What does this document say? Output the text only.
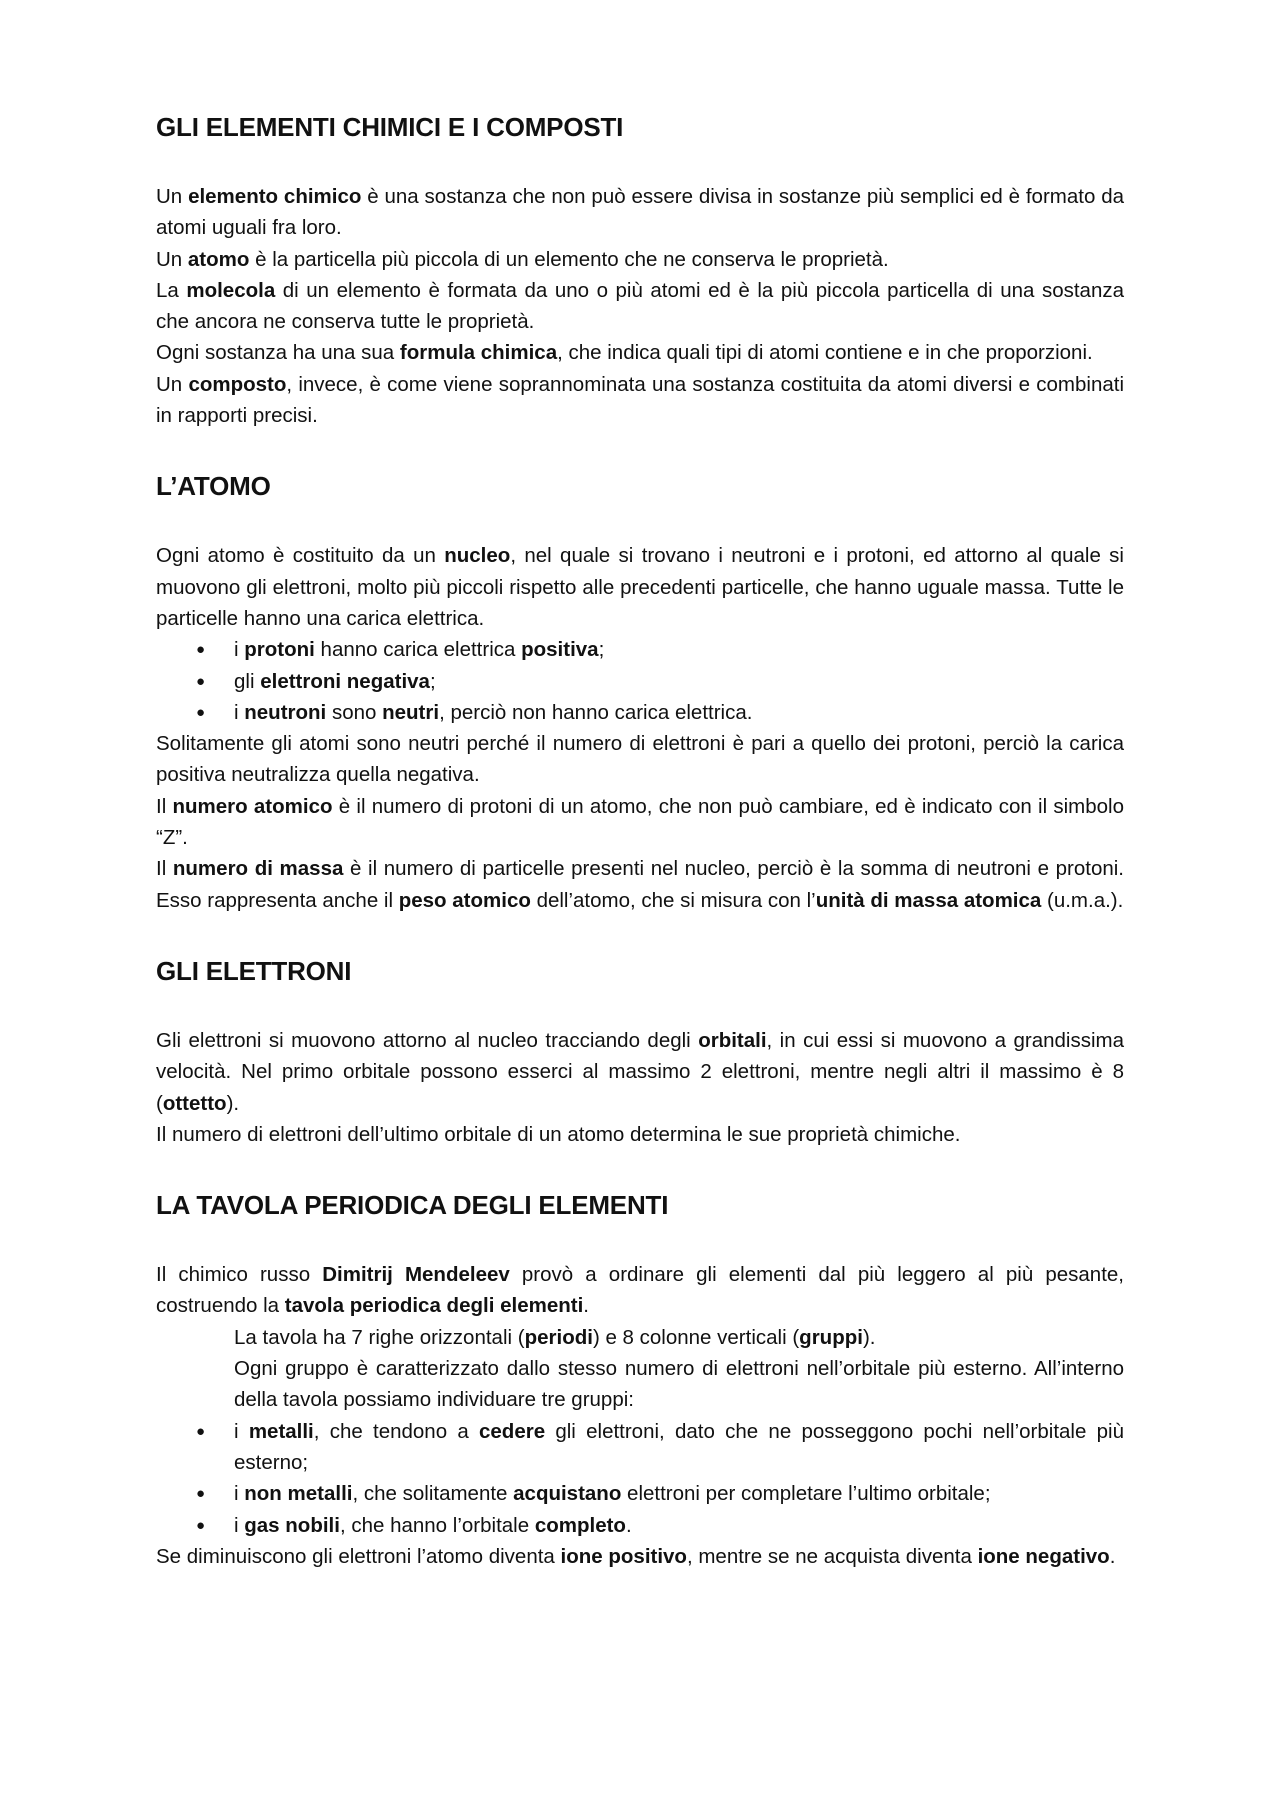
GLI ELEMENTI CHIMICI E I COMPOSTI

Un elemento chimico è una sostanza che non può essere divisa in sostanze più semplici ed è formato da atomi uguali fra loro.

Un atomo è la particella più piccola di un elemento che ne conserva le proprietà.

La molecola di un elemento è formata da uno o più atomi ed è la più piccola particella di una sostanza che ancora ne conserva tutte le proprietà.

Ogni sostanza ha una sua formula chimica, che indica quali tipi di atomi contiene e in che proporzioni.

Un composto, invece, è come viene soprannominata una sostanza costituita da atomi diversi e combinati in rapporti precisi.

L’ATOMO

Ogni atomo è costituito da un nucleo, nel quale si trovano i neutroni e i protoni, ed attorno al quale si muovono gli elettroni, molto più piccoli rispetto alle precedenti particelle, che hanno uguale massa. Tutte le particelle hanno una carica elettrica.

● i protoni hanno carica elettrica positiva;
● gli elettroni negativa;
● i neutroni sono neutri, perciò non hanno carica elettrica.

Solitamente gli atomi sono neutri perché il numero di elettroni è pari a quello dei protoni, perciò la carica positiva neutralizza quella negativa.

Il numero atomico è il numero di protoni di un atomo, che non può cambiare, ed è indicato con il simbolo “Z”.

Il numero di massa è il numero di particelle presenti nel nucleo, perciò è la somma di neutroni e protoni. Esso rappresenta anche il peso atomico dell’atomo, che si misura con l’unità di massa atomica (u.m.a.).

GLI ELETTRONI

Gli elettroni si muovono attorno al nucleo tracciando degli orbitali, in cui essi si muovono a grandissima velocità. Nel primo orbitale possono esserci al massimo 2 elettroni, mentre negli altri il massimo è 8 (ottetto).

Il numero di elettroni dell’ultimo orbitale di un atomo determina le sue proprietà chimiche.

LA TAVOLA PERIODICA DEGLI ELEMENTI

Il chimico russo Dimitrij Mendeleev provò a ordinare gli elementi dal più leggero al più pesante, costruendo la tavola periodica degli elementi.

La tavola ha 7 righe orizzontali (periodi) e 8 colonne verticali (gruppi).

Ogni gruppo è caratterizzato dallo stesso numero di elettroni nell’orbitale più esterno. All’interno della tavola possiamo individuare tre gruppi:

● i metalli, che tendono a cedere gli elettroni, dato che ne posseggono pochi nell’orbitale più esterno;
● i non metalli, che solitamente acquistano elettroni per completare l’ultimo orbitale;
● i gas nobili, che hanno l’orbitale completo.

Se diminuiscono gli elettroni l’atomo diventa ione positivo, mentre se ne acquista diventa ione negativo.
